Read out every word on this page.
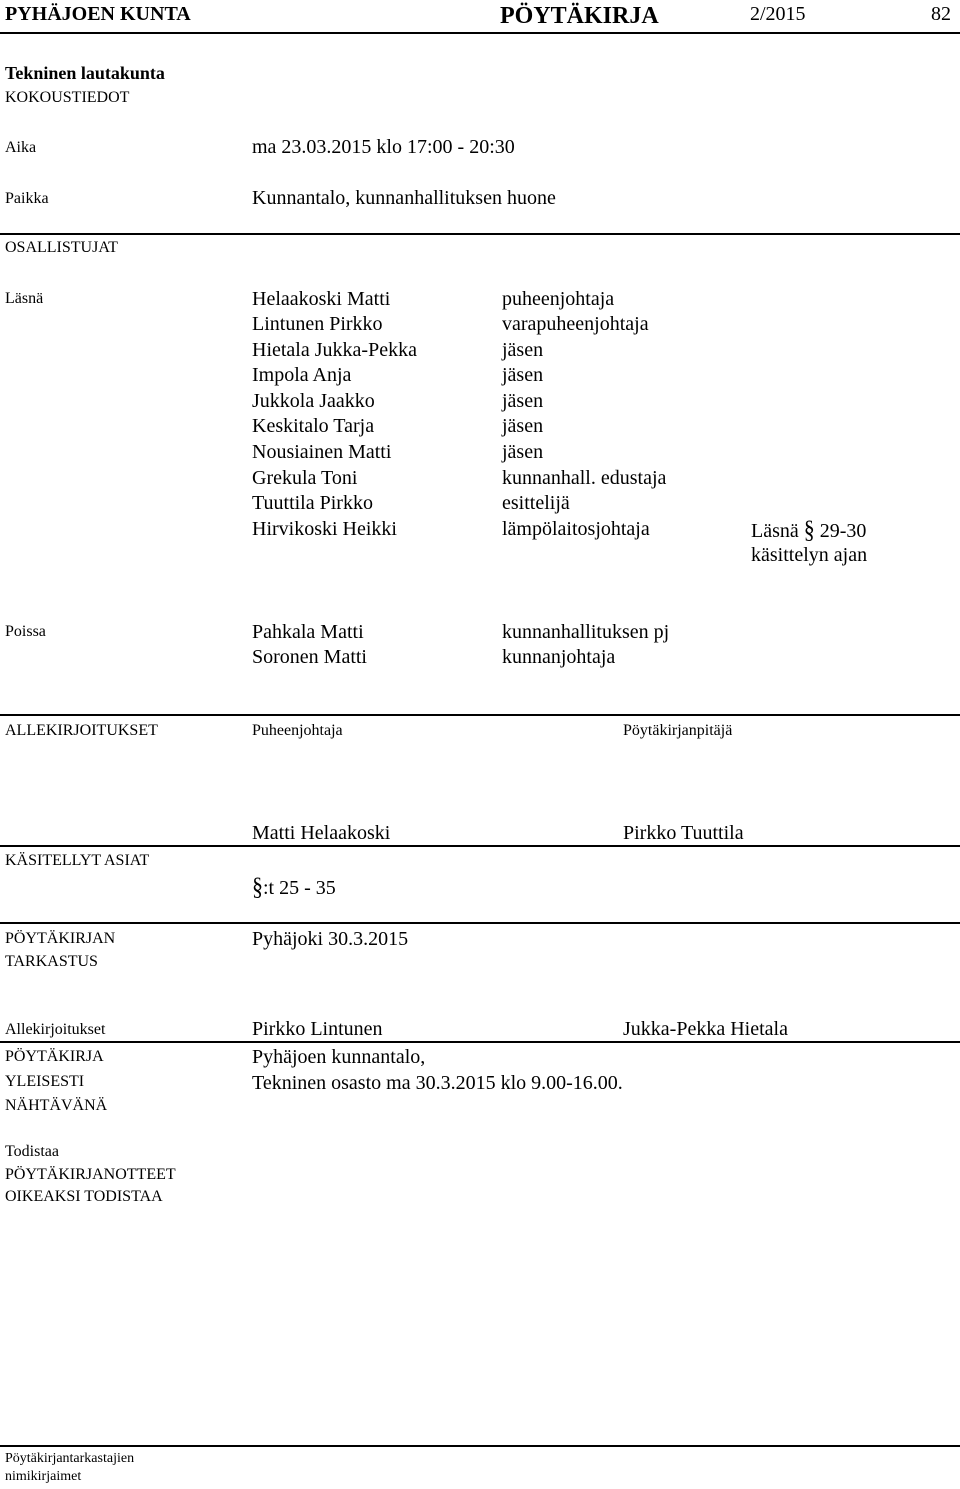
PYHÄJOEN KUNTA	PÖYTÄKIRJA	2/2015	82
Tekninen lautakunta
KOKOUSTIEDOT
Aika	ma 23.03.2015 klo 17:00 - 20:30
Paikka	Kunnantalo, kunnanhallituksen huone
OSALLISTUJAT
Läsnä	Helaakoski Matti	puheenjohtaja
Lintunen Pirkko	varapuheenjohtaja
Hietala Jukka-Pekka	jäsen
Impola Anja	jäsen
Jukkola Jaakko	jäsen
Keskitalo Tarja	jäsen
Nousiainen Matti	jäsen
Grekula Toni	kunnanhall. edustaja
Tuuttila Pirkko	esittelijä
Hirvikoski Heikki	lämpölaitosjohtaja	Läsnä § 29-30
käsittelyn ajan
Poissa	Pahkala Matti	kunnanhallituksen pj
Soronen Matti	kunnanjohtaja
ALLEKIRJOITUKSET	Puheenjohtaja	Pöytäkirjanpitäjä
Matti Helaakoski	Pirkko Tuuttila
KÄSITELLYT ASIAT
§:t 25 - 35
PÖYTÄKIRJAN
TARKASTUS
Pyhäjoki 30.3.2015
Allekirjoitukset	Pirkko Lintunen	Jukka-Pekka Hietala
PÖYTÄKIRJA
YLEISESTI
NÄHTÄVÄNÄ
Pyhäjoen kunnantalo,
Tekninen osasto ma 30.3.2015 klo 9.00-16.00.
Todistaa
PÖYTÄKIRJANOTTEET
OIKEAKSI TODISTAA
Pöytäkirjantarkastajien
nimikirjaimet
